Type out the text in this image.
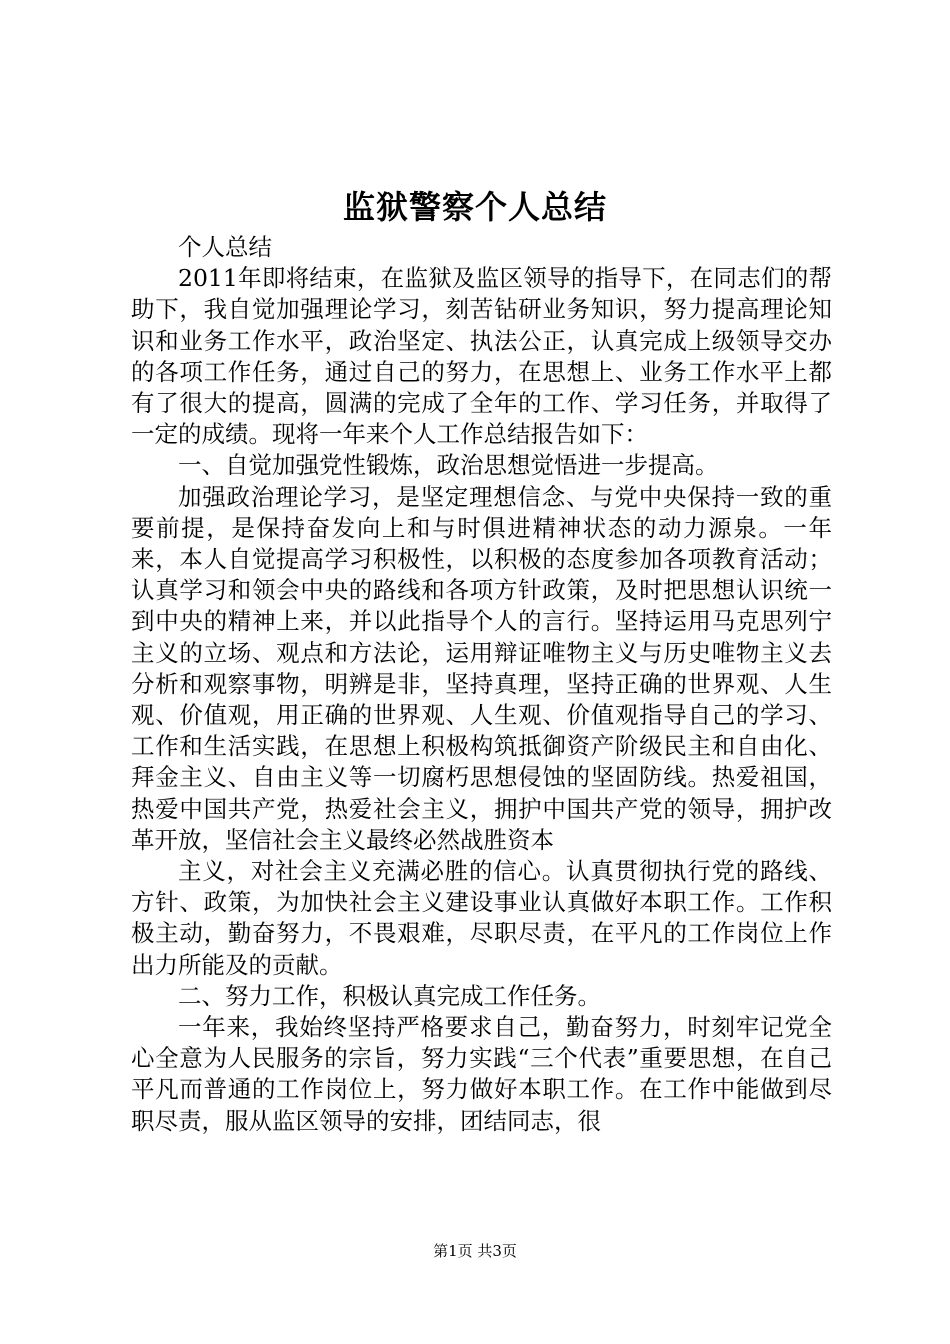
监狱警察个人总结

个人总结

2011年即将结束，在监狱及监区领导的指导下，在同志们的帮助下，我自觉加强理论学习，刻苦钻研业务知识，努力提高理论知识和业务工作水平，政治坚定、执法公正，认真完成上级领导交办的各项工作任务，通过自己的努力，在思想上、业务工作水平上都有了很大的提高，圆满的完成了全年的工作、学习任务，并取得了一定的成绩。现将一年来个人工作总结报告如下：

一、自觉加强党性锻炼，政治思想觉悟进一步提高。

加强政治理论学习，是坚定理想信念、与党中央保持一致的重要前提，是保持奋发向上和与时俱进精神状态的动力源泉。一年来，本人自觉提高学习积极性，以积极的态度参加各项教育活动；认真学习和领会中央的路线和各项方针政策，及时把思想认识统一到中央的精神上来，并以此指导个人的言行。坚持运用马克思列宁主义的立场、观点和方法论，运用辩证唯物主义与历史唯物主义去分析和观察事物，明辨是非，坚持真理，坚持正确的世界观、人生观、价值观，用正确的世界观、人生观、价值观指导自己的学习、工作和生活实践，在思想上积极构筑抵御资产阶级民主和自由化、拜金主义、自由主义等一切腐朽思想侵蚀的坚固防线。热爱祖国，热爱中国共产党，热爱社会主义，拥护中国共产党的领导，拥护改革开放，坚信社会主义最终必然战胜资本

主义，对社会主义充满必胜的信心。认真贯彻执行党的路线、方针、政策，为加快社会主义建设事业认真做好本职工作。工作积极主动，勤奋努力，不畏艰难，尽职尽责，在平凡的工作岗位上作出力所能及的贡献。

二、努力工作，积极认真完成工作任务。

一年来，我始终坚持严格要求自己，勤奋努力，时刻牢记党全心全意为人民服务的宗旨，努力实践“三个代表”重要思想，在自己平凡而普通的工作岗位上，努力做好本职工作。在工作中能做到尽职尽责，服从监区领导的安排，团结同志，很

第1页 共3页
